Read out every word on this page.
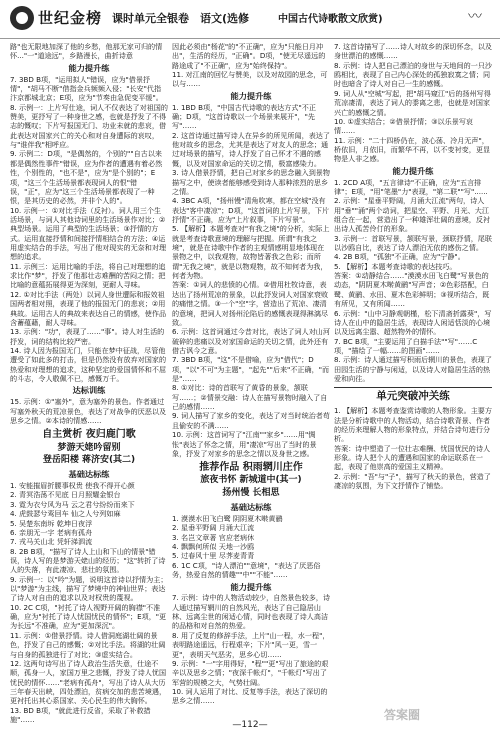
世纪金榜 课时单元全银卷 语文(选修	中国古代诗歌散文欣赏)	〰

路"也无限地加深了他的乡愁，他那无家可归的情怀..."一"道途远"，乡路漫长，曲折诗意

能力提升练

7. 3BD B项，"运用拟人"错误，应为"借景抒情"，"胡马不断"借指金兵频频入侵；"长安"代指汴京都城北京；E项，应为"节奏由急促变平缓"。

8. 示例一：上片写仕途，词人不仅表达了对祖国的赞美，更抒写了一种身世之感，也就是抒发了不得志的慨叹；下片写报国无门、功业未就的悲哀，借此表达对国家兴亡的关心和对自身遭际的哀叹，与"谁伴我"相呼应。

9. 示例二：D项，"是偶然的，个别的""自古以来都是偶然性事件"错误，应为作者的遭遇有着必然性，个别性的，"也不是"，应为"是个别的"；E项，"这三个生活场景都表现词人的恨"错误，"正"，应为"这三个生活场景都表现了一种恨，是其历史的必然，并非个人的"。

10. 示例一：①对比手法（反衬）。词人用三个生活场景，与词人其他诗词里的生活场景作对比；②典型场景。运用了典型的生活场景；③抒情的方式。运用直接抒情和间接抒情相结合的方法；④运用虚实结合的手法，写出了他对现实的无奈和对理想的追求。

11. 示例三：运用比喻的手法，将自己对理想的追求比作"梦"，抒发了他那壮志难酬的苦闷之情；把比喻的意蕴拓展得更为深刻，更耐人寻味。

12. ①对比手法（两处）以词人身世遭际和报效祖国两者相对照，表现了他的报国无门的悲哀；②用典故。运用古人的典故来表达自己的情感，使作品含蓄蕴藉，耐人寻味。

13. 示例："功"，表现了……"事"。诗人对生活的抒发，词的结构比较严密。

14. 诗人因为报国无门，只能在梦中征战，尽管他遭受了如此多的打击，但是仍然没有放弃对国家的热爱和对理想的追求，这种坚定的爱国情怀和不屈的斗志，令人敬佩不已，感慨万千。

达标训练

15. 示例：①"塞外"，意为塞外的景色。作者通过写塞外秋天的荒凉景色，表达了对战争的厌恶以及思乡之情。②本诗的情感……

自主赏析 夜归鹿门歌
梦游天姥吟留别
登岳阳楼 蒋济安(其二)
基础达标练

1. 安能摧眉折腰事权贵 使我不得开心颜
2. 青冥浩荡不见底 日月照耀金银台
3. 霓为衣兮风为马 云之君兮纷纷而来下
4. 虎鼓瑟兮鸾回车 仙之人兮列如麻
5. 吴楚东南坼 乾坤日夜浮
6. 亲朋无一字 老病有孤舟
7. 戎马关山北 凭轩涕泗流

8. 2B B项，"描写了诗人上山和下山的情景"错误，诗人写的是梦游天姥山的经历；"这"转折了诗人的失落，有此凄凉、悲壮的氛围。

9. 示例一：以"吟"为题，说明这首诗以抒情为主；以"梦游"为主线，描写了梦境中的神仙世界；表达了诗人对自由的追求以及对权贵的蔑视。

10. 2C C项，"衬托了诗人视野开阔的胸襟"不准确，应为"衬托了诗人忧国忧民的情怀"；E项，"更为长远"不准确，应为"更加深沉"。

11. 示例：①借景抒情。诗人借洞庭湖壮阔的景色，抒发了自己的感慨；②对比手法。将湖的壮阔与自身的孤独进行了对比；③虚实结合。

12. 这两句诗写出了诗人政治生活失意，仕途不顺，孤身一人，家国万里之悲慨，抒发了诗人忧国忧民的情怀……"老病有孤舟"，写出了诗人从大历三年春天出峡，四处漂泊，贫病交加的悲苦境遇，更衬托出其心系国家、关心民生的伟大胸怀。

13. BD B项，"就此进行反省，采取了补救措施"……

因此必须由"杨花"的"不正确"，应为"只能日月冲出"，生活的经历，"正确"。D项，"使无尽遥远的路途成了"不正确"，应为"始终保持"。

11. 对江南的回忆与赞美，以及对故园的思念，可以与……

能力提升练

1. 1BD B项，"中国古代诗歌的表达方式"不正确；D项，"这首诗歌以一个场景来展开"，"先写"……

2. 这首诗通过描写诗人在异乡的所见所闻，表达了他对故乡的思念，尤其是表达了对友人的思念；通过对场景的描写，诗人抒发了自己怀才不遇的感慨，以及对国家命运的关切之情，极富感染力。

3. 诗人借景抒情，把自己对家乡的思念融入到景物描写之中，使读者能够感受到诗人那种浓烈的思乡之情。

4. 3BC A项，"扬州慢"清角吹寒，都在空城"没有表达"客中凄凉"；D项，"这首词的上片写景，下片抒情"不正确，应为"上片叙事，下片写景"。

5. 【解析】本题考查对"有我之境"的分析，实际上就是考查诗歌意境的理解与把握。所谓"有我之境"，就是在诗歌中作者的主观情感明显地体现在景物之中，以我观物，故物皆著我之色彩；而所谓"无我之境"，就是以物观物，故不知何者为我，何者为物。

答案：①词人的悲愤的心情。②借用杜牧诗意，表达出了扬州荒凉的景象，以此抒发词人对国家衰败的痛惜之情。③一个"空"字，营造出了荒凉、凄清的意境，把词人对扬州沦陷后的感慨表现得淋漓尽致。

6. 示例：这首词通过今昔对比，表达了词人对山河破碎的悲痛以及对家国命运的关切之情，此外还有借古讽今之意。

7. 3BD B项，"这"不是借喻，应为"借代"；D项，"以"不可"为主题"，"起先""后来"不正确，"而是"……

8. ①对比：诗的首联写了黄昏的景象，颔联写……；②情景交融：诗人在描写景物时融入了自己的感情……

9. 词人描写了家乡的变化，表达了对当时统治者苟且偷安的不满……

10. 示例：这首词写了"江南""家乡"……用"惆怅"表达了怀念之情，用"凄凉"写出了当时的景象，抒发了对家乡的思念之情以及身世之感。

推荐作品 积雨辋川庄作
旅夜书怀 新城道中(其一)
扬州慢 长相思
基础达标练

1. 漠漠水田飞白鹭 阴阴夏木啭黄鹂
2. 星垂平野阔 月涌大江流
3. 名岂文章著 官应老病休
4. 飘飘何所似 天地一沙鸥
5. 过春风十里 尽荠麦青青

6. 1C C项，"诗人漂泊""意境"，"表达了厌恶俗务，热爱自然的情趣""中""不能"……

能力提升练

7. 示例：诗中的人物活动较少，自然景色较多，诗人通过描写辋川的自然风光，表达了自己隐居山林、远离尘世的闲适心情，同时也表现了诗人高洁的品格和对自然的热爱。

8. 用了反复的修辞手法，上片"山一程，水一程"，表明路途遥远，行程艰辛；下片"风一更，雪一更"，表明天气恶劣，思乡心切……

9. 示例："一"字用得好，"程""更"写出了旅途的艰辛以及思乡之情；"夜深千帐灯"，"千帐灯"写出了军营的规模之大，气势壮阔。

10. 词人运用了对比、反复等手法，表达了深切的思乡之情……

7. 这首诗描写了……诗人对故乡的深切怀念，以及身世漂泊的感慨……

8. 示例：诗人把自己漂泊的身世与天地间的一只沙鸥相比，表现了自己内心深处的孤独寂寞之情；同时也暗含了诗人对自己一生的感慨。

9. 词人从"空城"写起，把"胡马窥江"后的扬州写得荒凉凄清，表达了词人的黍离之悲，也就是对国家兴亡的感慨之情。

10. ①虚实结合；②借景抒情；③以乐景写哀情……

11. 示例："二十四桥仍在，波心荡、冷月无声"，桥依旧，月依旧，而繁华不再，以不变衬变，更显物是人非之感。

能力提升练

1. 2CD A项，"五言律诗"不正确，应为"五言排律"；E项，"用"笔墨"力"表现，"第二联""写"......

2. 示例："星垂平野阔，月涌大江流"两句，诗人用"垂""涌"两个动词，把星空、平野、月光、大江组合在一起，营造出了一种雄浑壮阔的意境，反衬出诗人孤苦伶仃的形象。

3. 示例一：首联写景，颔联写景，颈联抒情，尾联以沙鸥自比，表达了诗人漂泊无依的感伤之情。

4. 2B B项，"孤独"不正确，应为"宁静"。

5. 【解析】本题考查诗歌的表达技巧。

答案：①动静结合……"漠漠水田飞白鹭"写景色的动态，"阴阴夏木啭黄鹂"写声音；②色彩搭配，白鹭、黄鹂、水田、夏木色彩鲜明；③视听结合，既有所见，又有所闻……

6. 示例："山中习静观朝槿，松下清斋折露葵"，写诗人在山中的隐居生活，表现诗人闲适恬淡的心境以及远离尘嚣、超然物外的情怀。

7. BC B项，"主要运用了白描手法""写"……C项，"描绘了一幅……的图画"……

8. 示例：诗人通过描写积雨后辋川的景色，表现了田园生活的宁静与闲适，以及诗人对隐居生活的热爱和向往。

单元突破冲关练

1. 【解析】本题考查鉴赏诗歌的人物形象。主要方法是分析诗歌中的人物活动，结合诗歌背景、作者的经历来理解人物的形象特点，并结合诗句进行分析。

答案：诗中塑造了一位壮志难酬、忧国忧民的诗人形象。诗人把个人的遭遇和国家的命运联系在一起，表现了他崇高的爱国主义精神。

2. 示例："吾"与"子"，描写了秋天的景色，营造了凄凉的氛围，为下文抒情作了铺垫。

答案圈
—112—
